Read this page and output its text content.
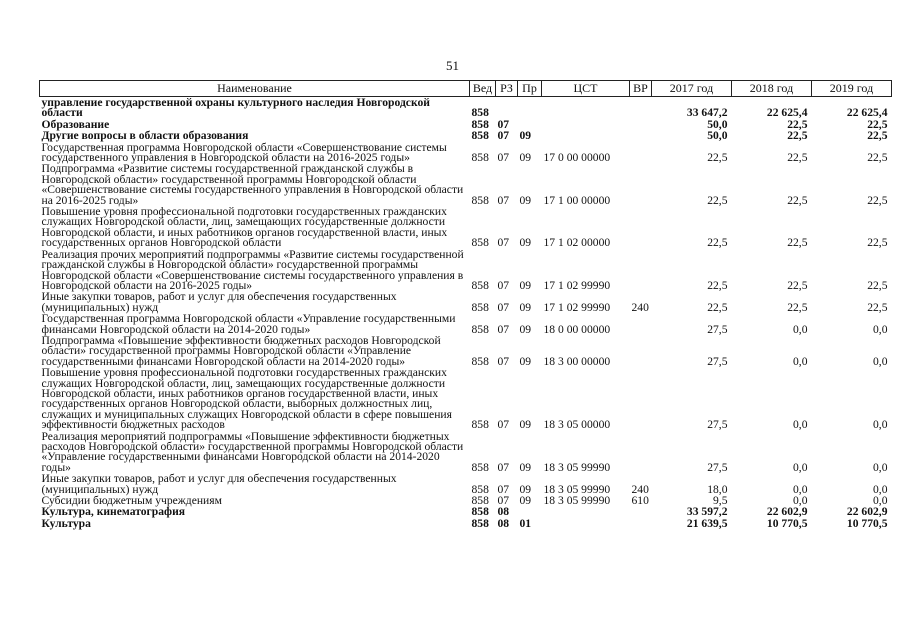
51
Наименование	Вед	РЗ	Пр	ЦСТ	ВР	2017 год	2018 год	2019 год
управление государственной охраны культурного наследия Новгородской области	858					33 647,2	22 625,4	22 625,4
Образование	858	07				50,0	22,5	22,5
Другие вопросы в области образования	858	07	09			50,0	22,5	22,5
Государственная программа Новгородской области «Совершенствование системы государственного управления в Новгородской области на 2016-2025 годы»	858	07	09	17 0 00 00000		22,5	22,5	22,5
Подпрограмма «Развитие системы государственной гражданской службы в Новгородской области» государственной программы Новгородской области «Совершенствование системы государственного управления в Новгородской области на 2016-2025 годы»	858	07	09	17 1 00 00000		22,5	22,5	22,5
Повышение уровня профессиональной подготовки государственных гражданских служащих Новгородской области, лиц, замещающих государственные должности Новгородской области, и иных работников органов государственной власти, иных государственных органов Новгородской области	858	07	09	17 1 02 00000		22,5	22,5	22,5
Реализация прочих мероприятий подпрограммы «Развитие системы государственной гражданской службы в Новгородской области» государственной программы Новгородской области «Совершенствование системы государственного управления в Новгородской области на 2016-2025 годы»	858	07	09	17 1 02 99990		22,5	22,5	22,5
Иные закупки товаров, работ и услуг для обеспечения государственных (муниципальных) нужд	858	07	09	17 1 02 99990	240	22,5	22,5	22,5
Государственная программа Новгородской области «Управление государственными финансами Новгородской области на 2014-2020 годы»	858	07	09	18 0 00 00000		27,5	0,0	0,0
Подпрограмма «Повышение эффективности бюджетных расходов Новгородской области» государственной программы Новгородской области «Управление государственными финансами Новгородской области на 2014-2020 годы»	858	07	09	18 3 00 00000		27,5	0,0	0,0
Повышение уровня профессиональной подготовки государственных гражданских служащих Новгородской области, лиц, замещающих государственные должности Новгородской области, иных работников органов государственной власти, иных государственных органов Новгородской области, выборных должностных лиц, служащих и муниципальных служащих Новгородской области в сфере повышения эффективности бюджетных расходов	858	07	09	18 3 05 00000		27,5	0,0	0,0
Реализация мероприятий подпрограммы «Повышение эффективности бюджетных расходов Новгородской области» государственной программы Новгородской области «Управление государственными финансами Новгородской области на 2014-2020 годы»	858	07	09	18 3 05 99990		27,5	0,0	0,0
Иные закупки товаров, работ и услуг для обеспечения государственных (муниципальных) нужд	858	07	09	18 3 05 99990	240	18,0	0,0	0,0
Субсидии бюджетным учреждениям	858	07	09	18 3 05 99990	610	9,5	0,0	0,0
Культура, кинематография	858	08				33 597,2	22 602,9	22 602,9
Культура	858	08	01			21 639,5	10 770,5	10 770,5
